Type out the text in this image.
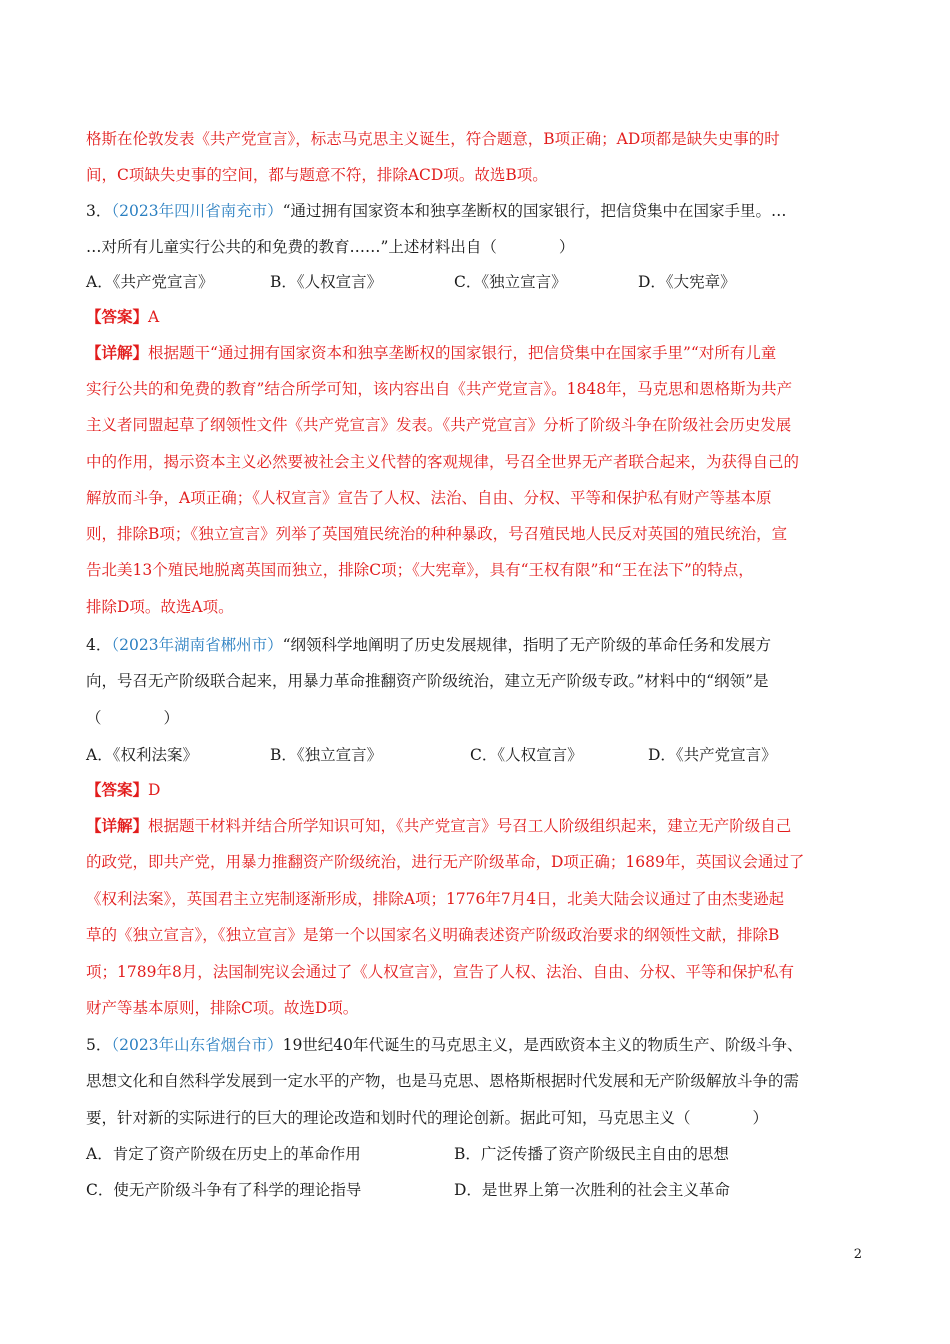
格斯在伦敦发表《共产党宣言》，标志马克思主义诞生，符合题意，B项正确；AD项都是缺失史事的时
间，C项缺失史事的空间，都与题意不符，排除ACD项。故选B项。
3．（2023年四川省南充市）“通过拥有国家资本和独享垄断权的国家银行，把信贷集中在国家手里。…
…对所有儿童实行公共的和免费的教育……”上述材料出自（　　　　）
A．《共产党宣言》	B．《人权宣言》	C．《独立宣言》	D．《大宪章》
【答案】A
【详解】根据题干“通过拥有国家资本和独享垄断权的国家银行，把信贷集中在国家手里”“对所有儿童
实行公共的和免费的教育”结合所学可知，该内容出自《共产党宣言》。1848年，马克思和恩格斯为共产
主义者同盟起草了纲领性文件《共产党宣言》发表。《共产党宣言》分析了阶级斗争在阶级社会历史发展
中的作用，揭示资本主义必然要被社会主义代替的客观规律，号召全世界无产者联合起来，为获得自己的
解放而斗争，A项正确；《人权宣言》宣告了人权、法治、自由、分权、平等和保护私有财产等基本原
则，排除B项；《独立宣言》列举了英国殖民统治的种种暴政，号召殖民地人民反对英国的殖民统治，宣
告北美13个殖民地脱离英国而独立，排除C项；《大宪章》，具有“王权有限”和“王在法下”的特点，
排除D项。故选A项。
4．（2023年湖南省郴州市）“纲领科学地阐明了历史发展规律，指明了无产阶级的革命任务和发展方
向，号召无产阶级联合起来，用暴力革命推翻资产阶级统治，建立无产阶级专政。”材料中的“纲领”是
（　　　　）
A．《权利法案》	B．《独立宣言》	C．《人权宣言》	D．《共产党宣言》
【答案】D
【详解】根据题干材料并结合所学知识可知，《共产党宣言》号召工人阶级组织起来，建立无产阶级自己
的政党，即共产党，用暴力推翻资产阶级统治，进行无产阶级革命，D项正确；1689年，英国议会通过了
《权利法案》，英国君主立宪制逐渐形成，排除A项；1776年7月4日，北美大陆会议通过了由杰斐逊起
草的《独立宣言》，《独立宣言》是第一个以国家名义明确表述资产阶级政治要求的纲领性文献，排除B
项；1789年8月，法国制宪议会通过了《人权宣言》，宣告了人权、法治、自由、分权、平等和保护私有
财产等基本原则，排除C项。故选D项。
5．（2023年山东省烟台市）19世纪40年代诞生的马克思主义，是西欧资本主义的物质生产、阶级斗争、
思想文化和自然科学发展到一定水平的产物，也是马克思、恩格斯根据时代发展和无产阶级解放斗争的需
要，针对新的实际进行的巨大的理论改造和划时代的理论创新。据此可知，马克思主义（　　　　）
A．肯定了资产阶级在历史上的革命作用	B．广泛传播了资产阶级民主自由的思想
C．使无产阶级斗争有了科学的理论指导	D．是世界上第一次胜利的社会主义革命
2
